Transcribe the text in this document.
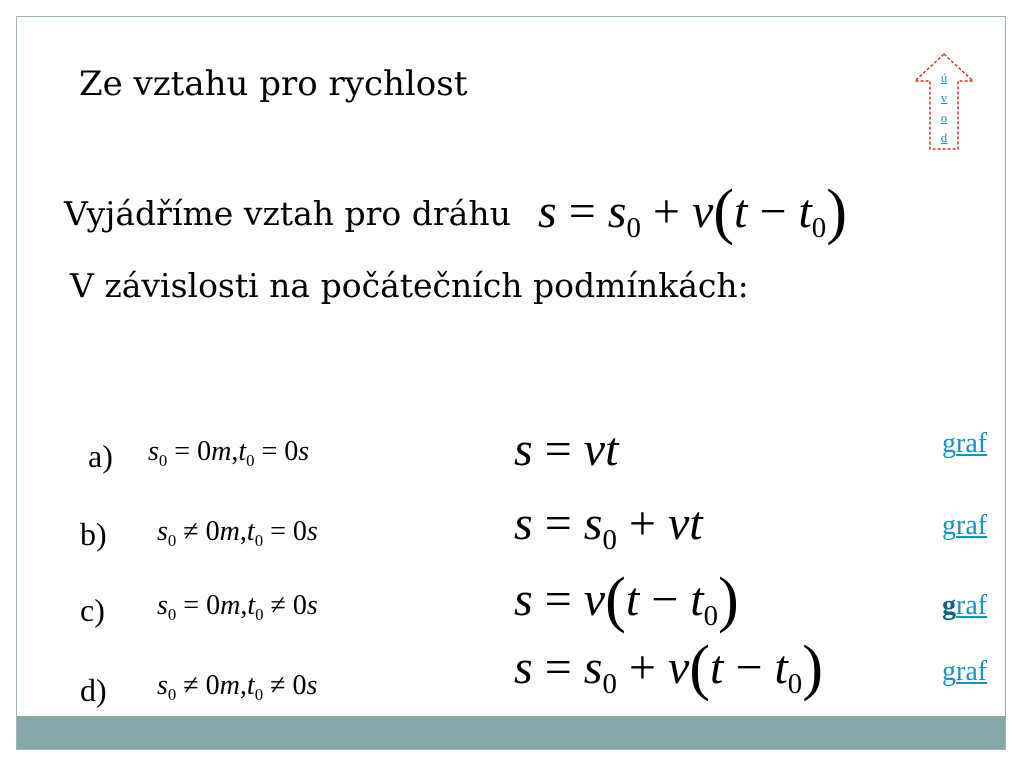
Ze vztahu pro rychlost
Vyjádříme vztah pro dráhu
V závislosti na počátečních podmínkách:
ú
v
o
d
$s = s_0 + v(t - t_0)$
a) $s_0 = 0m,t_0 = 0s$	s = vt	graf
b) $s_0 \ne 0m,t_0 = 0s$	$s = s_0$ + vt	graf
c) $s_0 = 0m,t_0 \ne 0s$	$s = v(t - t_0)$	graf
d) $s_0 \ne 0m,t_0 \ne 0s$	$s = s_0 + v(t - t_0)$	graf
